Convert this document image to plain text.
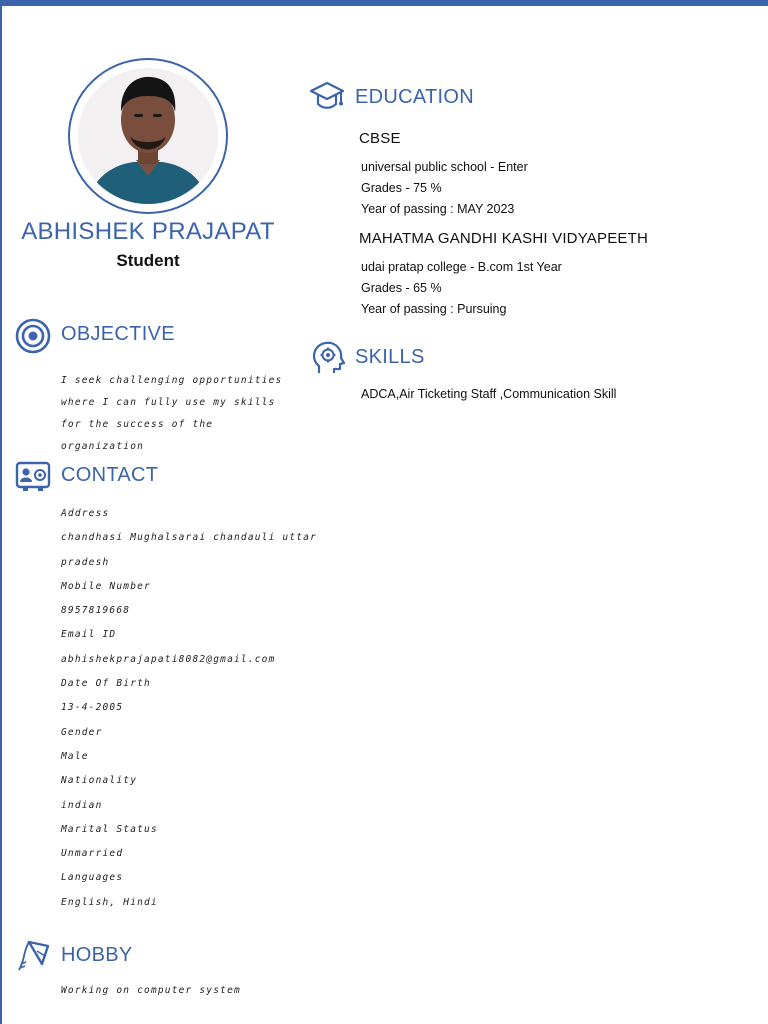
ABHISHEK PRAJAPAT
Student
OBJECTIVE

I seek challenging opportunities where I can fully use my skills for the success of the organization

CONTACT
Address
chandhasi Mughalsarai chandauli uttar
pradesh
Mobile Number
8957819668
Email ID
abhishekprajapati8082@gmail.com
Date Of Birth
13-4-2005
Gender
Male
Nationality
indian
Marital Status
Unmarried
Languages
English, Hindi
HOBBY

Working on computer system

EDUCATION
CBSE
universal public school - Enter
Grades - 75 %
Year of passing : MAY 2023
MAHATMA GANDHI KASHI VIDYAPEETH
udai pratap college - B.com 1st Year
Grades - 65 %
Year of passing : Pursuing
SKILLS
ADCA,Air Ticketing Staff ,Communication Skill
